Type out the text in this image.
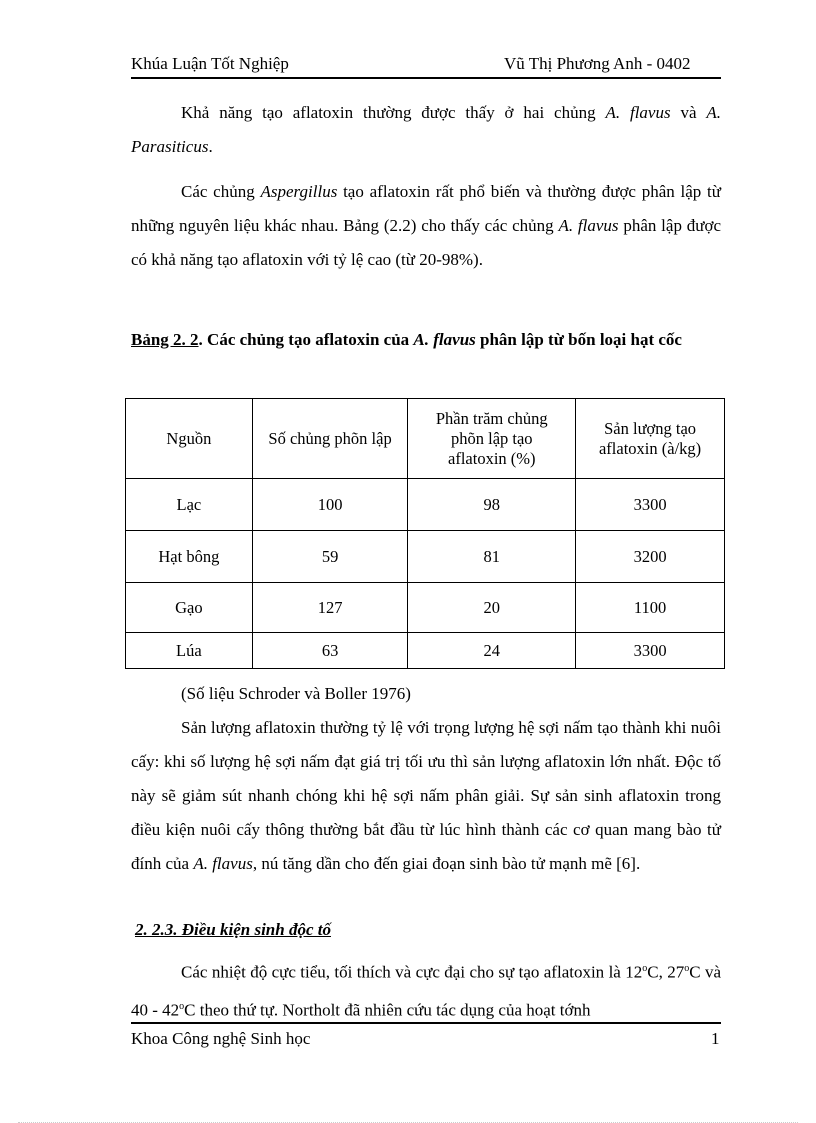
Khúa Luận Tốt Nghiệp	Vũ Thị Phương Anh - 0402

Khả năng tạo aflatoxin thường được thấy ở hai chủng A. flavus và A. Parasiticus.

Các chủng Aspergillus tạo aflatoxin rất phổ biến và thường được phân lập từ những nguyên liệu khác nhau. Bảng (2.2) cho thấy các chủng A. flavus phân lập được có khả năng tạo aflatoxin với tỷ lệ cao (từ 20-98%).

Bảng 2. 2. Các chủng tạo aflatoxin của A. flavus phân lập từ bốn loại hạt cốc
Nguồn	Số chủng phõn lập	Phần trăm chủng phõn lập tạo aflatoxin (%)	Sản lượng tạo aflatoxin (à/kg)
Lạc	100	98	3300
Hạt bông	59	81	3200
Gạo	127	20	1100
Lúa	63	24	3300
(Số liệu Schroder và Boller 1976)

Sản lượng aflatoxin thường tỷ lệ với trọng lượng hệ sợi nấm tạo thành khi nuôi cấy: khi số lượng hệ sợi nấm đạt giá trị tối ưu thì sản lượng aflatoxin lớn nhất. Độc tố này sẽ giảm sút nhanh chóng khi hệ sợi nấm phân giải. Sự sản sinh aflatoxin trong điều kiện nuôi cấy thông thường bắt đầu từ lúc hình thành các cơ quan mang bào tử đính của A. flavus, nú tăng dần cho đến giai đoạn sinh bào tử mạnh mẽ [6].

2. 2.3. Điều kiện sinh độc tố

Các nhiệt độ cực tiểu, tối thích và cực đại cho sự tạo aflatoxin là 12$^o$C, 27$^o$C và 40 - 42$^o$C theo thứ tự. Northolt đã nhiên cứu tác dụng của hoạt tớnh

Khoa Công nghệ Sinh học	1
